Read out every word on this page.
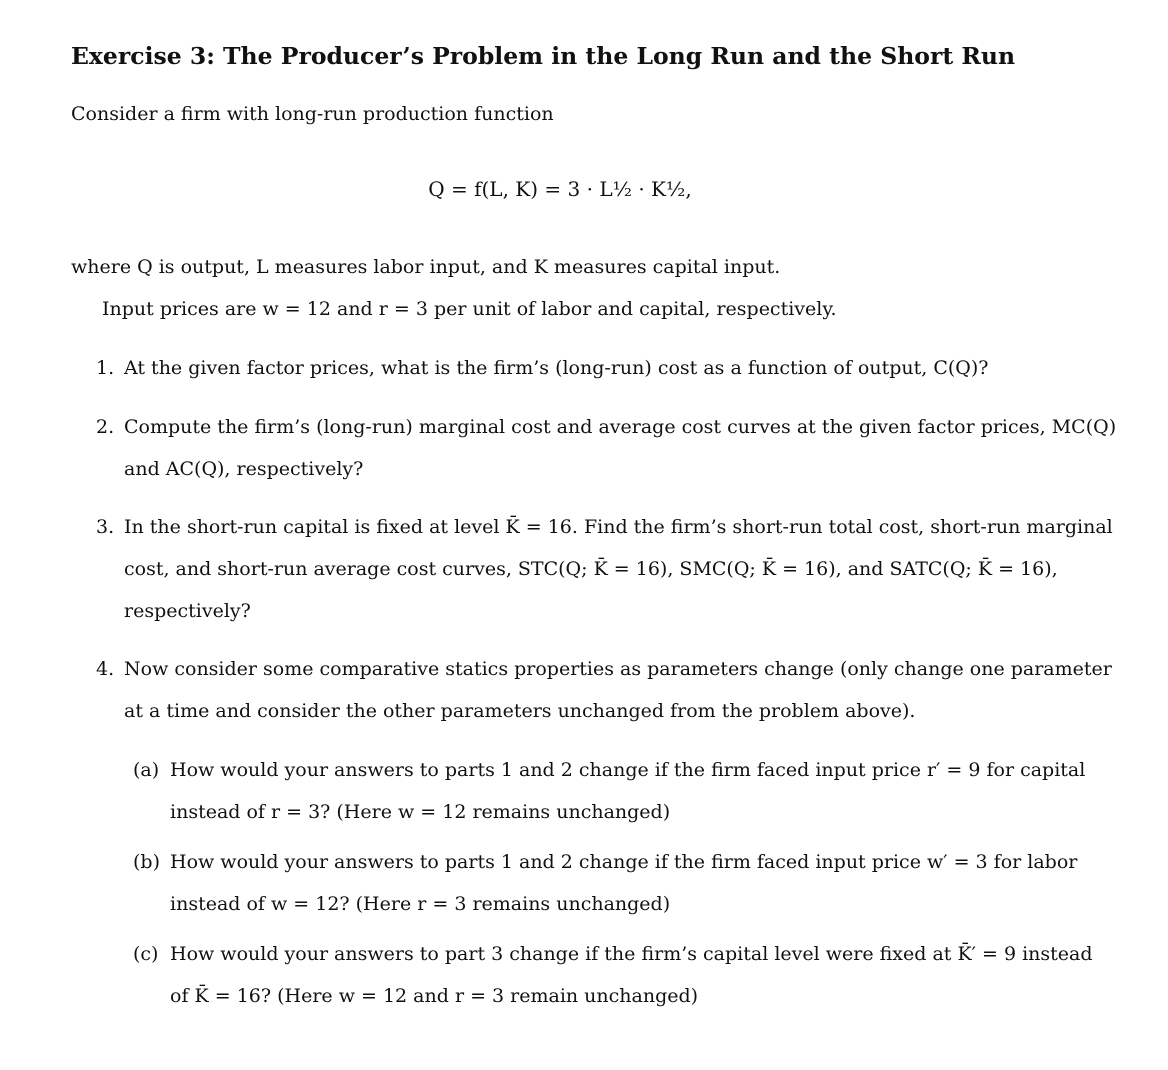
Exercise 3: The Producer’s Problem in the Long Run and the Short Run
Consider a firm with long-run production function
Q = f(L, K) = 3 · L½ · K½,
where Q is output, L measures labor input, and K measures capital input.
Input prices are w = 12 and r = 3 per unit of labor and capital, respectively.
1. At the given factor prices, what is the firm’s (long-run) cost as a function of output, C(Q)?
2. Compute the firm’s (long-run) marginal cost and average cost curves at the given factor prices, MC(Q)
and AC(Q), respectively?
3. In the short-run capital is fixed at level K̄ = 16. Find the firm’s short-run total cost, short-run marginal
cost, and short-run average cost curves, STC(Q; K̄ = 16), SMC(Q; K̄ = 16), and SATC(Q; K̄ = 16),
respectively?
4. Now consider some comparative statics properties as parameters change (only change one parameter
at a time and consider the other parameters unchanged from the problem above).
(a) How would your answers to parts 1 and 2 change if the firm faced input price r′ = 9 for capital
instead of r = 3? (Here w = 12 remains unchanged)
(b) How would your answers to parts 1 and 2 change if the firm faced input price w′ = 3 for labor
instead of w = 12? (Here r = 3 remains unchanged)
(c) How would your answers to part 3 change if the firm’s capital level were fixed at K̄′ = 9 instead
of K̄ = 16? (Here w = 12 and r = 3 remain unchanged)
